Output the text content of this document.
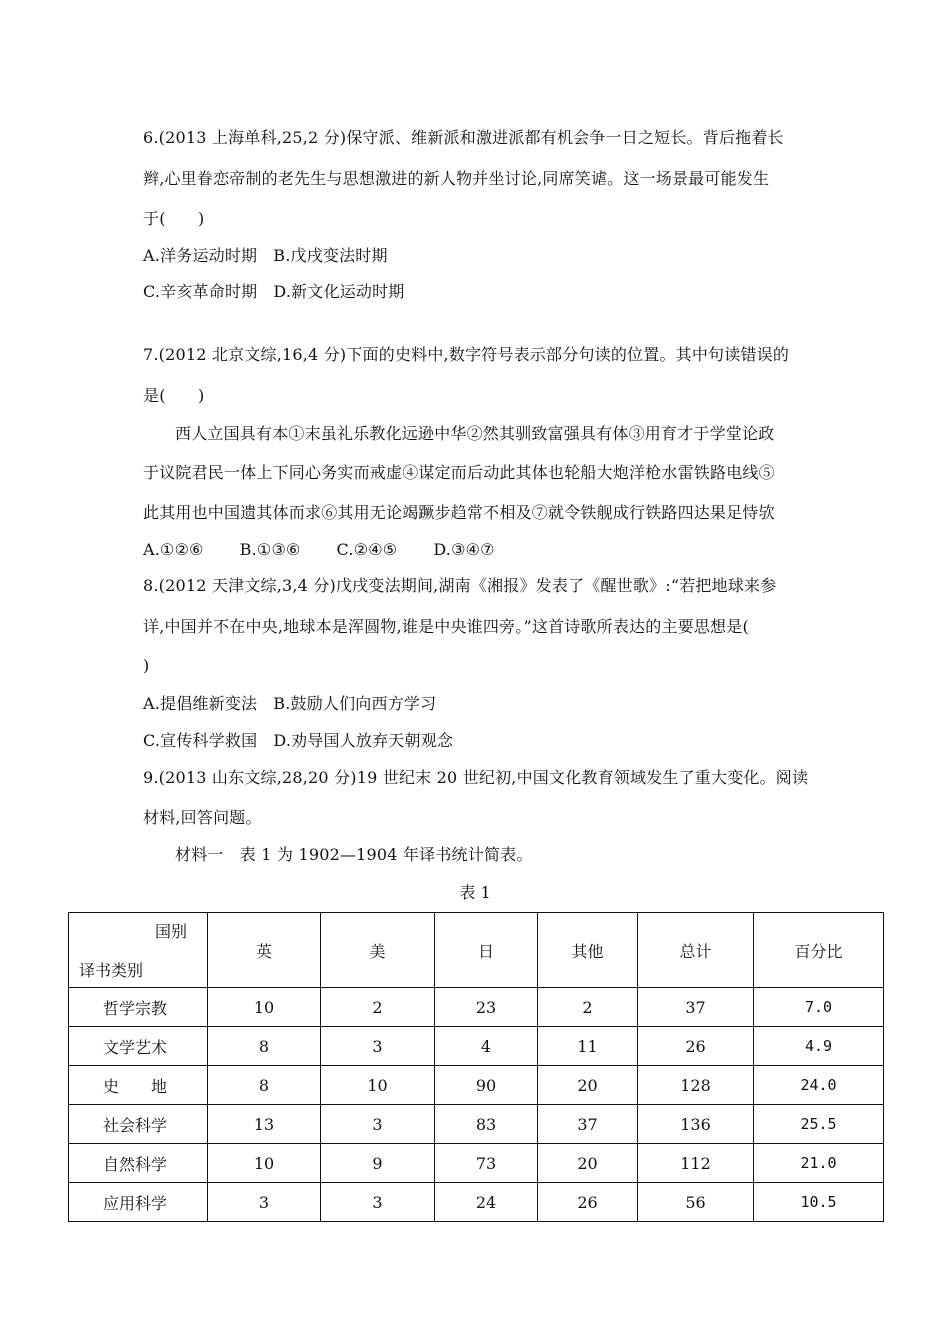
6.(2013 上海单科,25,2 分)保守派、维新派和激进派都有机会争一日之短长。背后拖着长
辫,心里眷恋帝制的老先生与思想激进的新人物并坐讨论,同席笑谑。这一场景最可能发生
于(　　)
A.洋务运动时期 B.戊戌变法时期
C.辛亥革命时期 D.新文化运动时期
7.(2012 北京文综,16,4 分)下面的史料中,数字符号表示部分句读的位置。其中句读错误的
是(　　)
西人立国具有本①末虽礼乐教化远逊中华②然其驯致富强具有体③用育才于学堂论政
于议院君民一体上下同心务实而戒虚④谋定而后动此其体也轮船大炮洋枪水雷铁路电线⑤
此其用也中国遗其体而求⑥其用无论竭蹶步趋常不相及⑦就令铁舰成行铁路四达果足恃欤
A.①②⑥ B.①③⑥ C.②④⑤ D.③④⑦
8.(2012 天津文综,3,4 分)戊戌变法期间,湖南《湘报》发表了《醒世歌》:“若把地球来参
详,中国并不在中央,地球本是浑圆物,谁是中央谁四旁。”这首诗歌所表达的主要思想是(
)
A.提倡维新变法 B.鼓励人们向西方学习
C.宣传科学救国 D.劝导国人放弃天朝观念
9.(2013 山东文综,28,20 分)19 世纪末 20 世纪初,中国文化教育领域发生了重大变化。阅读
材料,回答问题。
材料一　表 1 为 1902—1904 年译书统计简表。
表 1
国别
译书类别	英	美	日	其他	总计	百分比
哲学宗教	10	2	23	2	37	7.0
文学艺术	8	3	4	11	26	4.9
史　　地	8	10	90	20	128	24.0
社会科学	13	3	83	37	136	25.5
自然科学	10	9	73	20	112	21.0
应用科学	3	3	24	26	56	10.5
